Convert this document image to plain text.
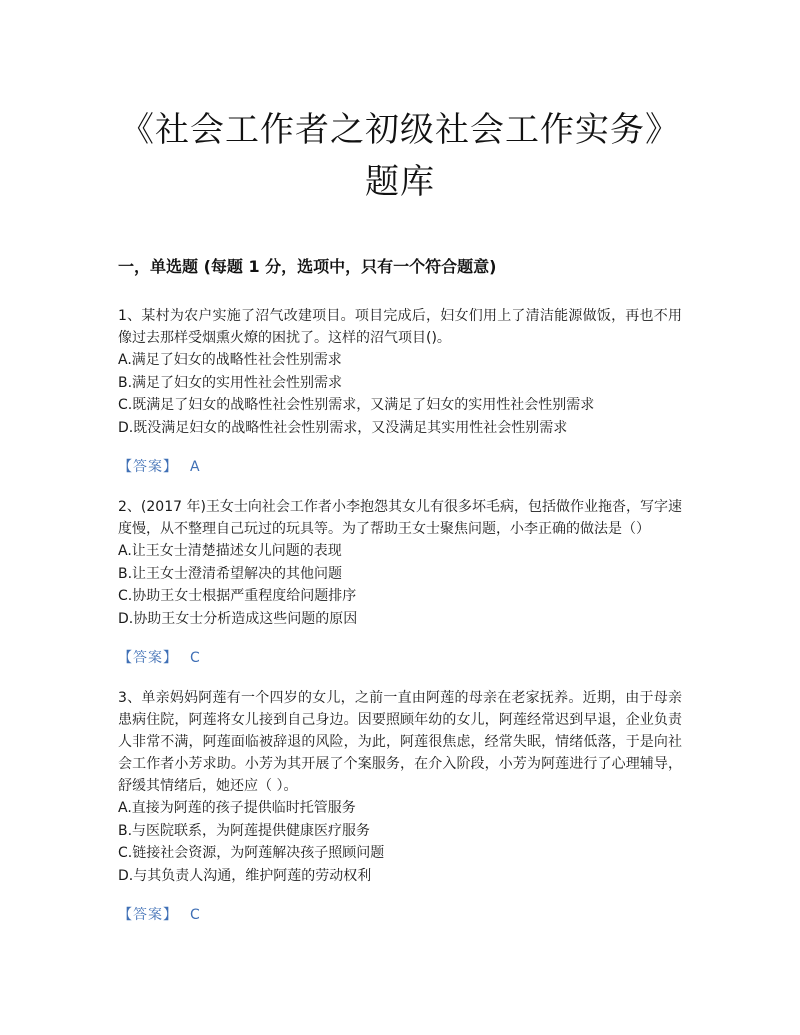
《社会工作者之初级社会工作实务》
题库
一，单选题 (每题 1 分，选项中，只有一个符合题意)

1、某村为农户实施了沼气改建项目。项目完成后，妇女们用上了清洁能源做饭，再也不用像过去那样受烟熏火燎的困扰了。这样的沼气项目()。

A.满足了妇女的战略性社会性别需求

B.满足了妇女的实用性社会性别需求

C.既满足了妇女的战略性社会性别需求，又满足了妇女的实用性社会性别需求

D.既没满足妇女的战略性社会性别需求，又没满足其实用性社会性别需求

【答案】 A

2、(2017 年)王女士向社会工作者小李抱怨其女儿有很多坏毛病，包括做作业拖沓，写字速度慢，从不整理自己玩过的玩具等。为了帮助王女士聚焦问题，小李正确的做法是（）

A.让王女士清楚描述女儿问题的表现

B.让王女士澄清希望解决的其他问题

C.协助王女士根据严重程度给问题排序

D.协助王女士分析造成这些问题的原因

【答案】 C

3、单亲妈妈阿莲有一个四岁的女儿，之前一直由阿莲的母亲在老家抚养。近期，由于母亲患病住院，阿莲将女儿接到自己身边。因要照顾年幼的女儿，阿莲经常迟到早退，企业负责人非常不满，阿莲面临被辞退的风险，为此，阿莲很焦虑，经常失眠，情绪低落，于是向社会工作者小芳求助。小芳为其开展了个案服务，在介入阶段，小芳为阿莲进行了心理辅导，舒缓其情绪后，她还应（ ）。

A.直接为阿莲的孩子提供临时托管服务

B.与医院联系，为阿莲提供健康医疗服务

C.链接社会资源，为阿莲解决孩子照顾问题

D.与其负责人沟通，维护阿莲的劳动权利

【答案】 C
